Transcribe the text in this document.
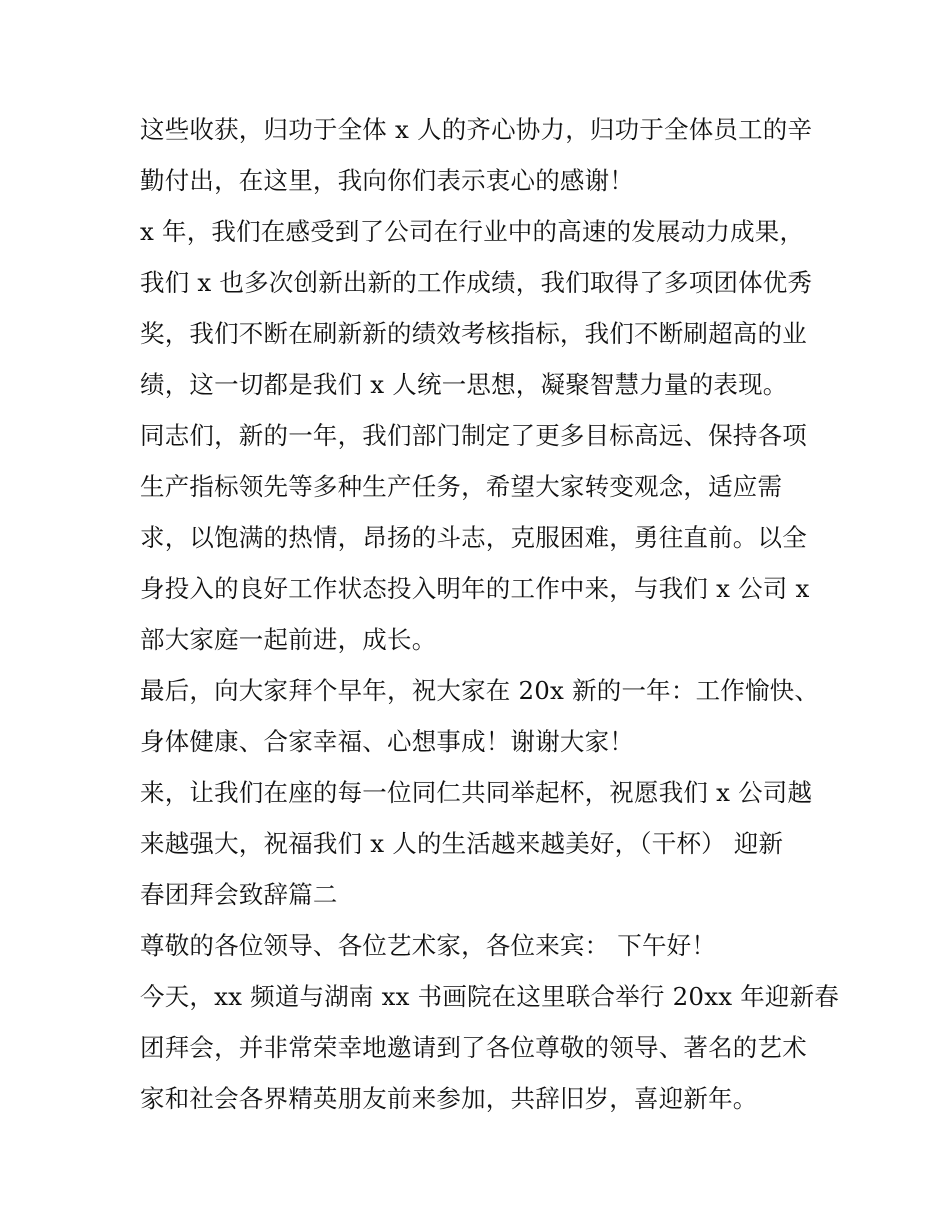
这些收获，归功于全体 x 人的齐心协力，归功于全体员工的辛
勤付出，在这里，我向你们表示衷心的感谢！
x 年，我们在感受到了公司在行业中的高速的发展动力成果，
我们 x 也多次创新出新的工作成绩，我们取得了多项团体优秀
奖，我们不断在刷新新的绩效考核指标，我们不断刷超高的业
绩，这一切都是我们 x 人统一思想，凝聚智慧力量的表现。
同志们，新的一年，我们部门制定了更多目标高远、保持各项
生产指标领先等多种生产任务，希望大家转变观念，适应需
求，以饱满的热情，昂扬的斗志，克服困难，勇往直前。以全
身投入的良好工作状态投入明年的工作中来，与我们 x 公司 x
部大家庭一起前进，成长。
最后，向大家拜个早年，祝大家在 20x 新的一年：工作愉快、
身体健康、合家幸福、心想事成！谢谢大家！
来，让我们在座的每一位同仁共同举起杯，祝愿我们 x 公司越
来越强大，祝福我们 x 人的生活越来越美好，（干杯） 迎新
春团拜会致辞篇二
尊敬的各位领导、各位艺术家，各位来宾： 下午好！
今天，xx 频道与湖南 xx 书画院在这里联合举行 20xx 年迎新春
团拜会，并非常荣幸地邀请到了各位尊敬的领导、著名的艺术
家和社会各界精英朋友前来参加，共辞旧岁，喜迎新年。
